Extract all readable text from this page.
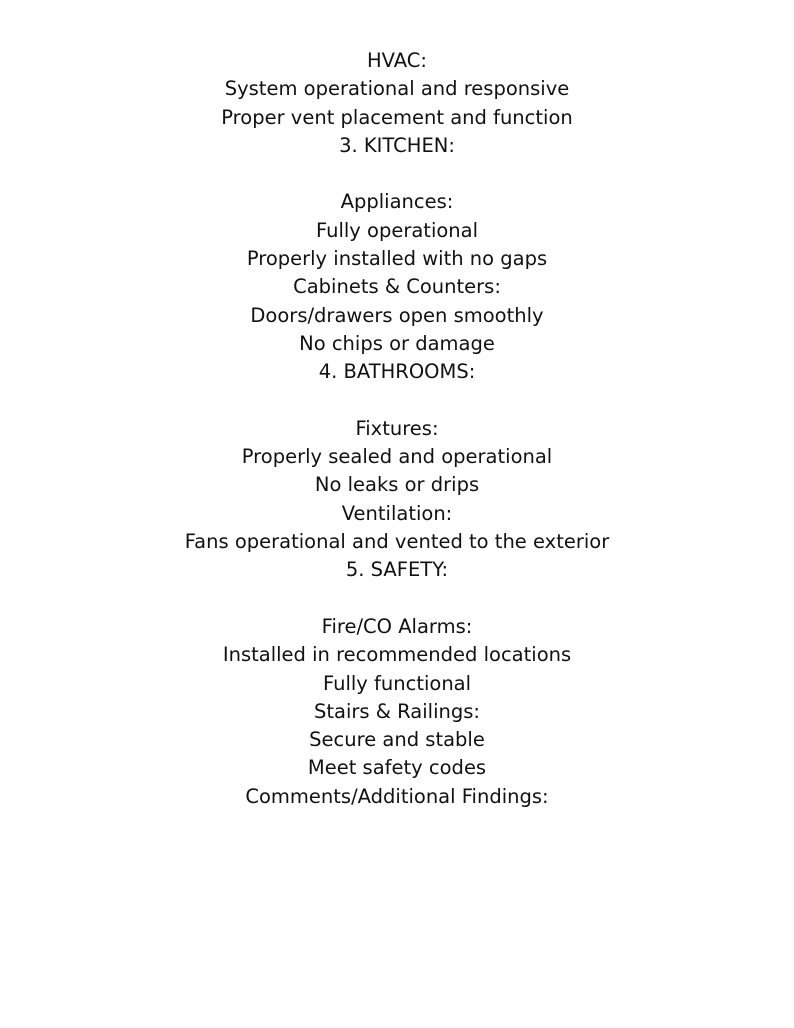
HVAC:
System operational and responsive
Proper vent placement and function
3. KITCHEN:
Appliances:
Fully operational
Properly installed with no gaps
Cabinets & Counters:
Doors/drawers open smoothly
No chips or damage
4. BATHROOMS:
Fixtures:
Properly sealed and operational
No leaks or drips
Ventilation:
Fans operational and vented to the exterior
5. SAFETY:
Fire/CO Alarms:
Installed in recommended locations
Fully functional
Stairs & Railings:
Secure and stable
Meet safety codes
Comments/Additional Findings:
